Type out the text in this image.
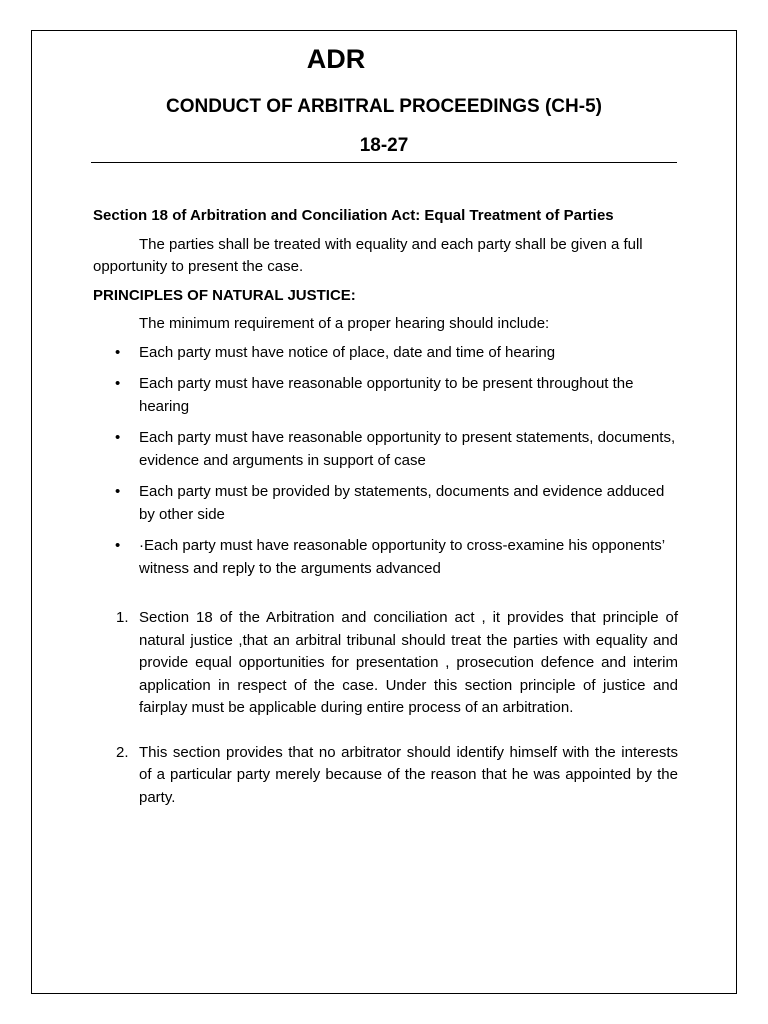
ADR
CONDUCT OF ARBITRAL PROCEEDINGS (CH-5)
18-27

Section 18 of Arbitration and Conciliation Act: Equal Treatment of Parties

The parties shall be treated with equality and each party shall be given a full opportunity to present the case.

PRINCIPLES OF NATURAL JUSTICE:

The minimum requirement of a proper hearing should include:

• Each party must have notice of place, date and time of hearing
• Each party must have reasonable opportunity to be present throughout the hearing
• Each party must have reasonable opportunity to present statements, documents, evidence and arguments in support of case
• Each party must be provided by statements, documents and evidence adduced by other side
• ·Each party must have reasonable opportunity to cross-examine his opponents’ witness and reply to the arguments advanced
1. Section 18 of the Arbitration and conciliation act , it provides that principle of natural justice ,that an arbitral tribunal should treat the parties with equality and provide equal opportunities for presentation , prosecution defence and interim application in respect of the case. Under this section principle of justice and fairplay must be applicable during entire process of an arbitration.
2. This section provides that no arbitrator should identify himself with the interests of a particular party merely because of the reason that he was appointed by the party.
